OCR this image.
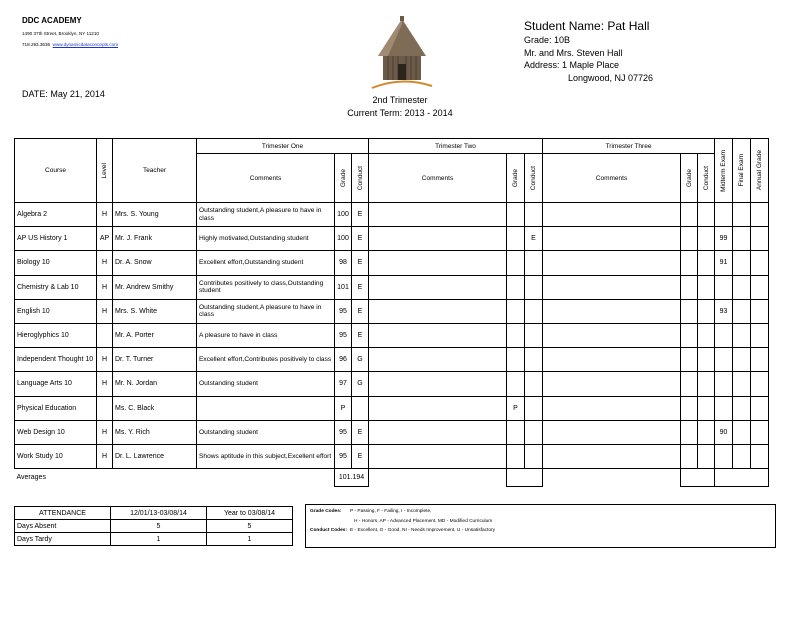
DDC ACADEMY
1490 37th Street, Brooklyn, NY 11210
718.293.3636 www.dynamicdataconcepts.com
DATE: May 21, 2014
2nd Trimester
Current Term: 2013 - 2014
Student Name: Pat Hall
Grade: 10B
Mr. and Mrs. Steven Hall
Address: 1 Maple Place
Longwood, NJ 07726
Course	Level	Teacher	Trimester One			Trimester Two			Trimester Three			Midterm Exam	Final Exam	Annual Grade

			Comments	Grade	Conduct	Comments	Grade	Conduct	Comments	Grade	Conduct			

Algebra 2	H	Mrs. S. Young	Outstanding student,A pleasure to have in class	100	E									
AP US History 1	AP	Mr. J. Frank	Highly motivated,Outstanding student	100	E			E				99		
Biology 10	H	Dr. A. Snow	Excellent effort,Outstanding student	98	E							91		
Chemistry & Lab 10	H	Mr. Andrew Smithy	Contributes positively to class,Outstanding student	101	E									
English 10	H	Mrs. S. White	Outstanding student,A pleasure to have in class	95	E							93		
Hieroglyphics 10		Mr. A. Porter	A pleasure to have in class	95	E									
Independent Thought 10	H	Dr. T. Turner	Excellent effort,Contributes positively to class	96	G									
Language Arts 10	H	Mr. N. Jordan	Outstanding student	97	G									
Physical Education		Ms. C. Black		P			P							
Web Design 10	H	Ms. Y. Rich	Outstanding student	95	E							90		
Work Study 10	H	Dr. L. Lawrence	Shows aptitude in this subject,Excellent effort	95	E									
Averages				101.194										
ATTENDANCE	12/01/13-03/08/14	Year to 03/08/14
Days Absent	5	5
Days Tardy	1	1
Grade Codes: P - Passing, F - Failing, I - Incomplete,
H - Honors, AP - Advanced Placement, MD - Modified Curriculum
Conduct Codes: E - Excellent, G - Good, NI - Needs Improvement, U - Unsatisfactory
